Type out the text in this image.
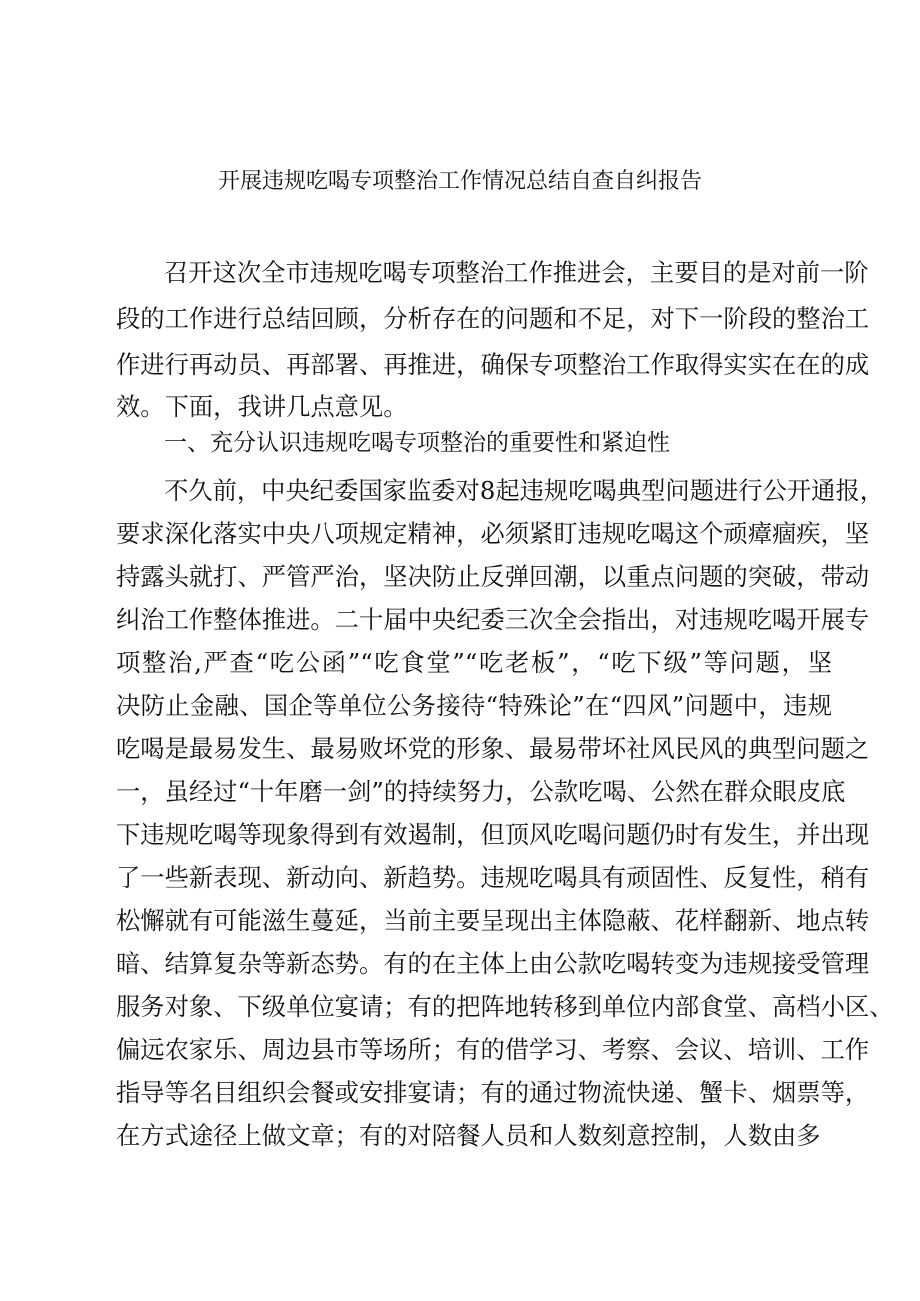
开展违规吃喝专项整治工作情况总结自查自纠报告
召开这次全市违规吃喝专项整治工作推进会，主要目的是对前一阶
段的工作进行总结回顾，分析存在的问题和不足，对下一阶段的整治工
作进行再动员、再部署、再推进，确保专项整治工作取得实实在在的成
效。下面，我讲几点意见。
一、充分认识违规吃喝专项整治的重要性和紧迫性
不久前，中央纪委国家监委对8起违规吃喝典型问题进行公开通报，
要求深化落实中央八项规定精神，必须紧盯违规吃喝这个顽瘴痼疾，坚
持露头就打、严管严治，坚决防止反弹回潮，以重点问题的突破，带动
纠治工作整体推进。二十届中央纪委三次全会指出，对违规吃喝开展专
项整治,严查“吃公函”“吃食堂”“吃老板”，“吃下级”等问题，坚
决防止金融、国企等单位公务接待“特殊论”在“四风”问题中，违规
吃喝是最易发生、最易败坏党的形象、最易带坏社风民风的典型问题之
一，虽经过“十年磨一剑”的持续努力，公款吃喝、公然在群众眼皮底
下违规吃喝等现象得到有效遏制，但顶风吃喝问题仍时有发生，并出现
了一些新表现、新动向、新趋势。违规吃喝具有顽固性、反复性，稍有
松懈就有可能滋生蔓延，当前主要呈现出主体隐蔽、花样翻新、地点转
暗、结算复杂等新态势。有的在主体上由公款吃喝转变为违规接受管理
服务对象、下级单位宴请；有的把阵地转移到单位内部食堂、高档小区、
偏远农家乐、周边县市等场所；有的借学习、考察、会议、培训、工作
指导等名目组织会餐或安排宴请；有的通过物流快递、蟹卡、烟票等，
在方式途径上做文章；有的对陪餐人员和人数刻意控制，人数由多
